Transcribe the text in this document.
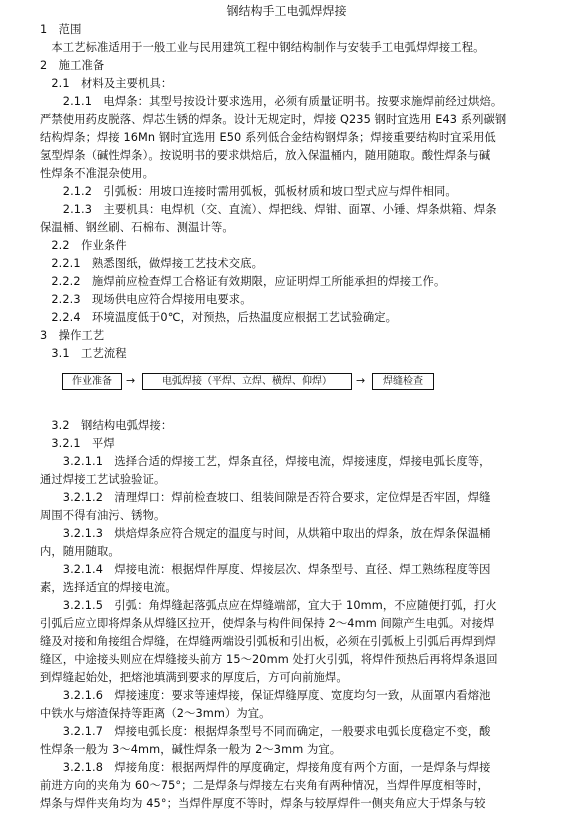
钢结构手工电弧焊焊接
1　范围
　本工艺标准适用于一般工业与民用建筑工程中钢结构制作与安装手工电弧焊焊接工程。
2　施工准备
　2.1　材料及主要机具：
　　2.1.1　电焊条：其型号按设计要求选用，必须有质量证明书。按要求施焊前经过烘焙。
严禁使用药皮脱落、焊芯生锈的焊条。设计无规定时，焊接 Q235 钢时宜选用 E43 系列碳钢
结构焊条；焊接 16Mn 钢时宜选用 E50 系列低合金结构钢焊条；焊接重要结构时宜采用低
氢型焊条（碱性焊条）。按说明书的要求烘焙后，放入保温桶内，随用随取。酸性焊条与碱
性焊条不准混杂使用。
　　2.1.2　引弧板：用坡口连接时需用弧板，弧板材质和坡口型式应与焊件相同。
　　2.1.3　主要机具：电焊机（交、直流）、焊把线、焊钳、面罩、小锤、焊条烘箱、焊条
保温桶、钢丝刷、石棉布、测温计等。
　2.2　作业条件
　2.2.1　熟悉图纸，做焊接工艺技术交底。
　2.2.2　施焊前应检查焊工合格证有效期限，应证明焊工所能承担的焊接工作。
　2.2.3　现场供电应符合焊接用电要求。
　2.2.4　环境温度低于0℃，对预热，后热温度应根据工艺试验确定。
3　操作工艺
　3.1　工艺流程
　3.2　钢结构电弧焊接：
　3.2.1　平焊
　　3.2.1.1　选择合适的焊接工艺，焊条直径，焊接电流，焊接速度，焊接电弧长度等，
通过焊接工艺试验验证。
　　3.2.1.2　清理焊口：焊前检查坡口、组装间隙是否符合要求，定位焊是否牢固，焊缝
周围不得有油污、锈物。
　　3.2.1.3　烘焙焊条应符合规定的温度与时间，从烘箱中取出的焊条，放在焊条保温桶
内，随用随取。
　　3.2.1.4　焊接电流：根据焊件厚度、焊接层次、焊条型号、直径、焊工熟练程度等因
素，选择适宜的焊接电流。
　　3.2.1.5　引弧：角焊缝起落弧点应在焊缝端部，宜大于 10mm，不应随便打弧，打火
引弧后应立即将焊条从焊缝区拉开，使焊条与构件间保持 2～4mm 间隙产生电弧。对接焊
缝及对接和角接组合焊缝，在焊缝两端设引弧板和引出板，必须在引弧板上引弧后再焊到焊
缝区，中途接头则应在焊缝接头前方 15～20mm 处打火引弧，将焊件预热后再将焊条退回
到焊缝起始处，把熔池填满到要求的厚度后，方可向前施焊。
　　3.2.1.6　焊接速度：要求等速焊接，保证焊缝厚度、宽度均匀一致，从面罩内看熔池
中铁水与熔渣保持等距离（2～3mm）为宜。
　　3.2.1.7　焊接电弧长度：根据焊条型号不同而确定，一般要求电弧长度稳定不变，酸
性焊条一般为 3～4mm，碱性焊条一般为 2～3mm 为宜。
　　3.2.1.8　焊接角度：根据两焊件的厚度确定，焊接角度有两个方面，一是焊条与焊接
前进方向的夹角为 60～75°；二是焊条与焊接左右夹角有两种情况，当焊件厚度相等时，
焊条与焊件夹角均为 45°；当焊件厚度不等时，焊条与较厚焊件一侧夹角应大于焊条与较
作业准备	→	电弧焊接（平焊、立焊、横焊、仰焊）	→	焊缝检查
